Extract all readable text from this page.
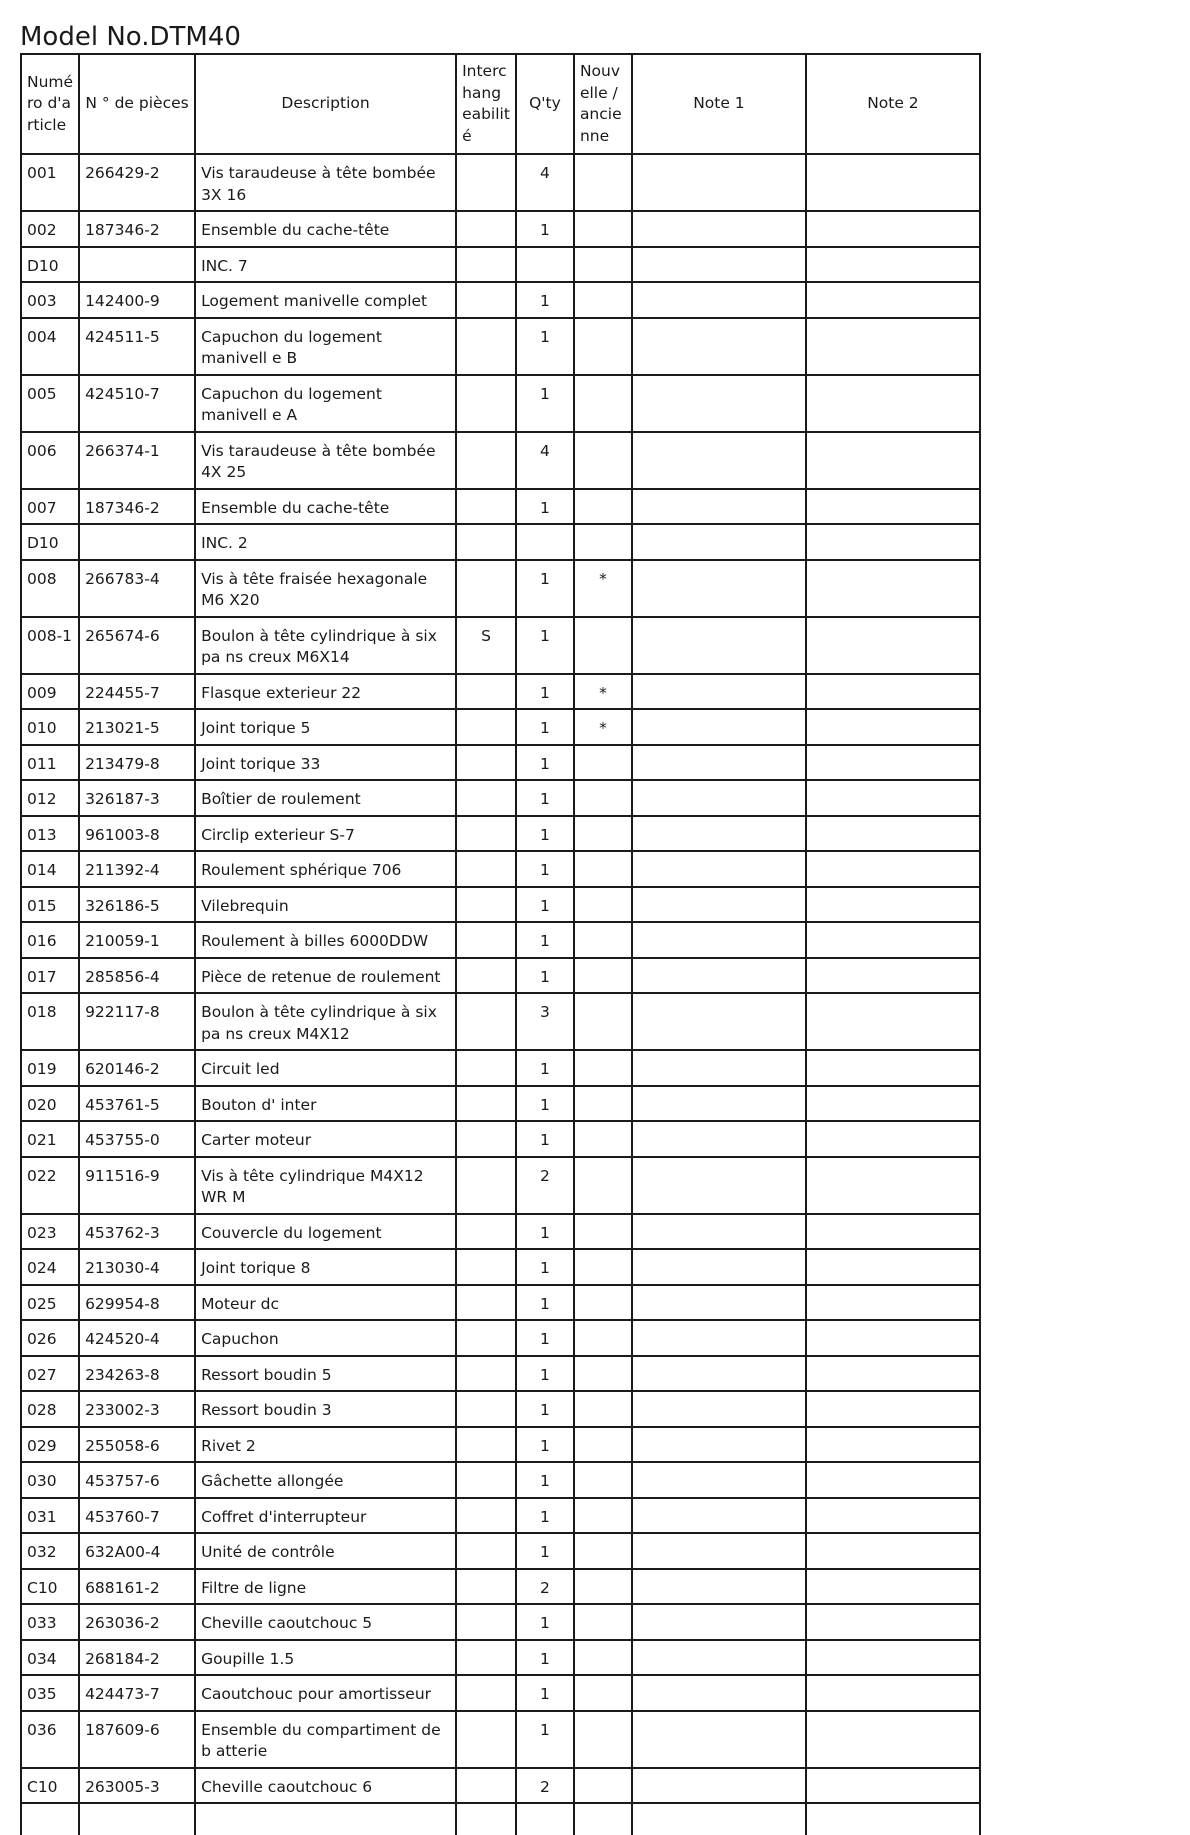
Model No.DTM40
Numé ro d'a rticle	N ° de pièces	Description	Interc hang eabilit é	Q'ty	Nouv elle / ancie nne	Note 1	Note 2
001	266429-2	Vis taraudeuse à tête bombée 3X 16		4			
002	187346-2	Ensemble du cache-tête		1			
D10		INC. 7					
003	142400-9	Logement manivelle complet		1			
004	424511-5	Capuchon du logement manivell e B		1			
005	424510-7	Capuchon du logement manivell e A		1			
006	266374-1	Vis taraudeuse à tête bombée 4X 25		4			
007	187346-2	Ensemble du cache-tête		1			
D10		INC. 2					
008	266783-4	Vis à tête fraisée hexagonale M6 X20		1	*		
008-1	265674-6	Boulon à tête cylindrique à six pa ns creux M6X14	S	1			
009	224455-7	Flasque exterieur 22		1	*		
010	213021-5	Joint torique 5		1	*		
011	213479-8	Joint torique 33		1			
012	326187-3	Boîtier de roulement		1			
013	961003-8	Circlip exterieur S-7		1			
014	211392-4	Roulement sphérique 706		1			
015	326186-5	Vilebrequin		1			
016	210059-1	Roulement à billes 6000DDW		1			
017	285856-4	Pièce de retenue de roulement		1			
018	922117-8	Boulon à tête cylindrique à six pa ns creux M4X12		3			
019	620146-2	Circuit led		1			
020	453761-5	Bouton d' inter		1			
021	453755-0	Carter moteur		1			
022	911516-9	Vis à tête cylindrique M4X12 WR M		2			
023	453762-3	Couvercle du logement		1			
024	213030-4	Joint torique 8		1			
025	629954-8	Moteur dc		1			
026	424520-4	Capuchon		1			
027	234263-8	Ressort boudin 5		1			
028	233002-3	Ressort boudin 3		1			
029	255058-6	Rivet 2		1			
030	453757-6	Gâchette allongée		1			
031	453760-7	Coffret d'interrupteur		1			
032	632A00-4	Unité de contrôle		1			
C10	688161-2	Filtre de ligne		2			
033	263036-2	Cheville caoutchouc 5		1			
034	268184-2	Goupille 1.5		1			
035	424473-7	Caoutchouc pour amortisseur		1			
036	187609-6	Ensemble du compartiment de b atterie		1			
C10	263005-3	Cheville caoutchouc 6		2			
